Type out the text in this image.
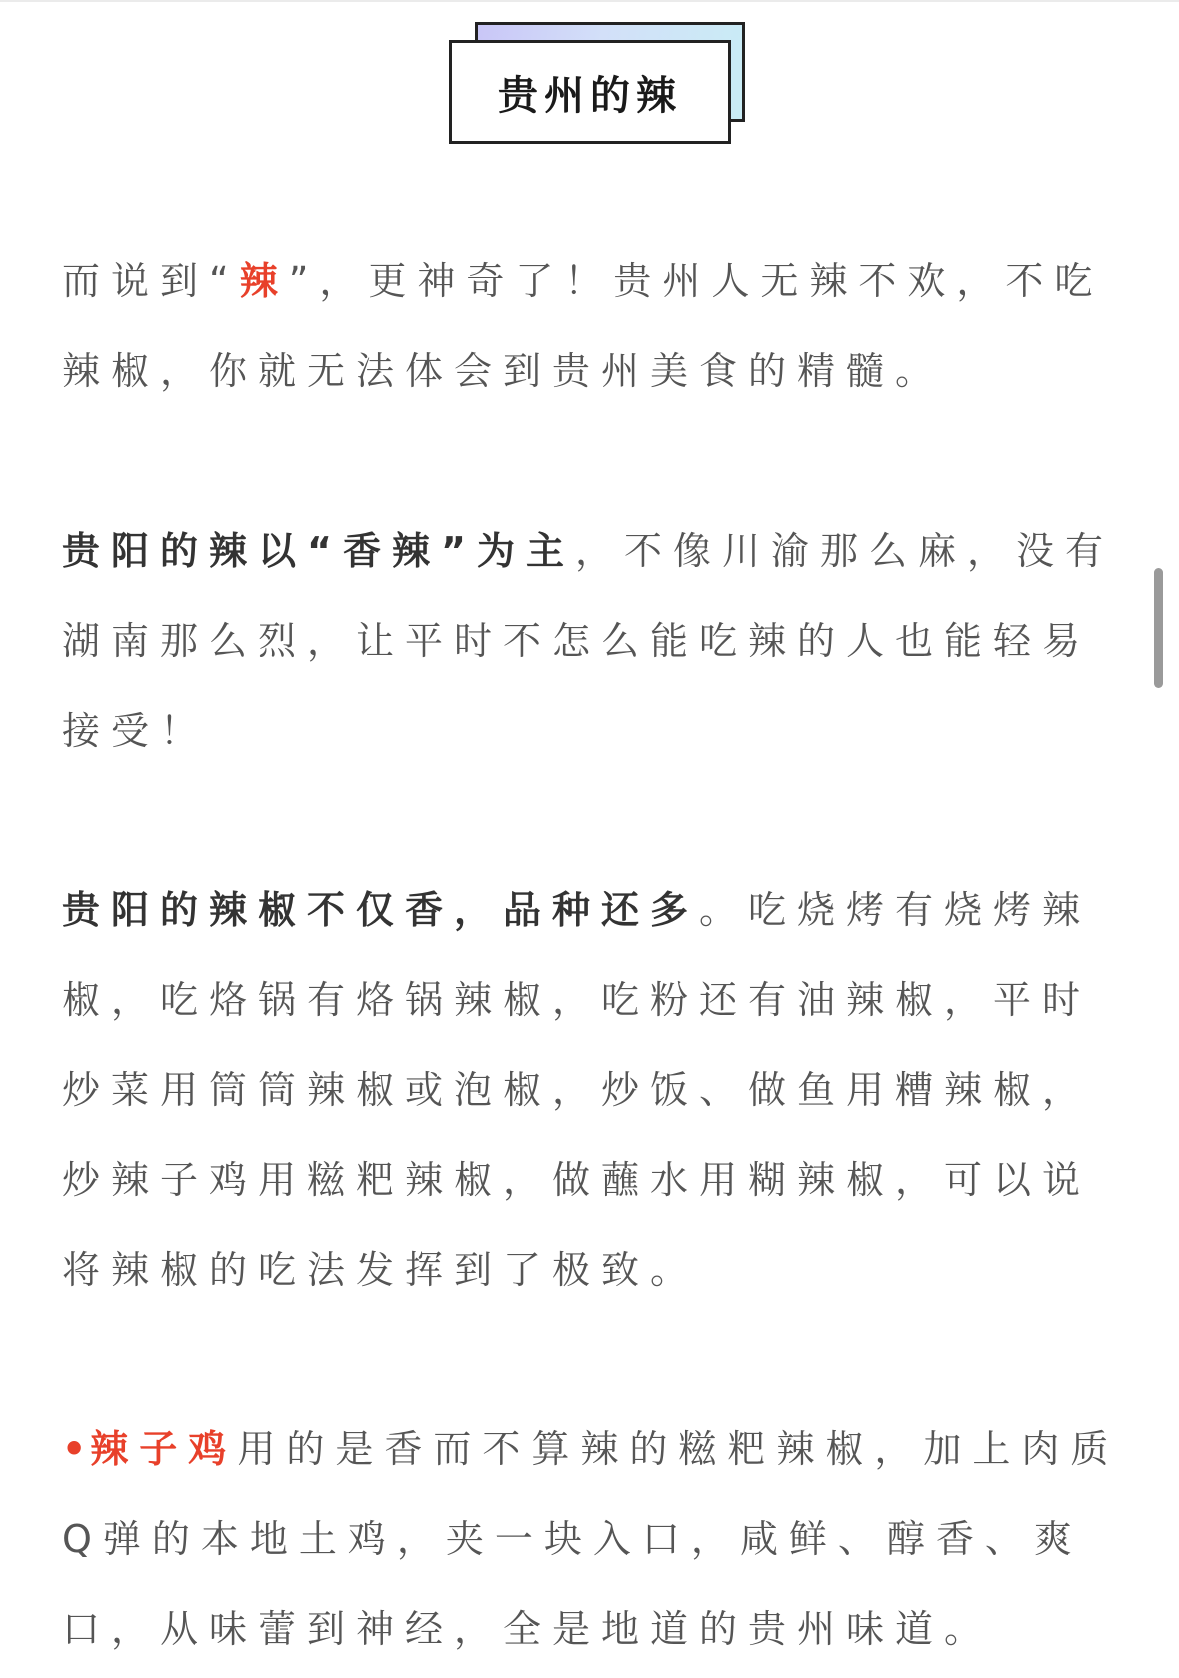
贵州的辣

而说到“辣”，更神奇了！贵州人无辣不欢，不吃辣椒，你就无法体会到贵州美食的精髓。

贵阳的辣以“香辣”为主，不像川渝那么麻，没有湖南那么烈，让平时不怎么能吃辣的人也能轻易接受！

贵阳的辣椒不仅香，品种还多。吃烧烤有烧烤辣椒，吃烙锅有烙锅辣椒，吃粉还有油辣椒，平时炒菜用筒筒辣椒或泡椒，炒饭、做鱼用糟辣椒，炒辣子鸡用糍粑辣椒，做蘸水用糊辣椒，可以说将辣椒的吃法发挥到了极致。

•辣子鸡用的是香而不算辣的糍粑辣椒，加上肉质Q弹的本地土鸡，夹一块入口，咸鲜、醇香、爽口，从味蕾到神经，全是地道的贵州味道。
